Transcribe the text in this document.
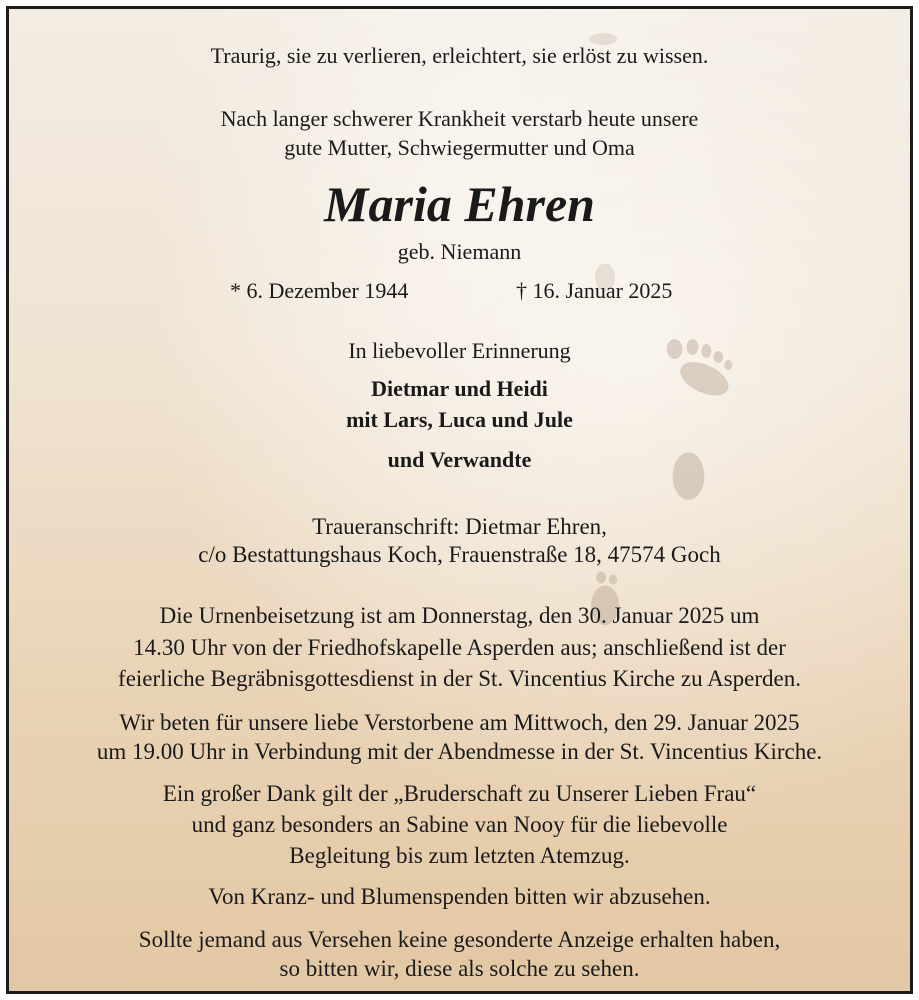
Traurig, sie zu verlieren, erleichtert, sie erlöst zu wissen.
Nach langer schwerer Krankheit verstarb heute unsere
gute Mutter, Schwiegermutter und Oma
Maria Ehren
geb. Niemann
* 6. Dezember 1944	† 16. Januar 2025
In liebevoller Erinnerung
Dietmar und Heidi
mit Lars, Luca und Jule
und Verwandte
Traueranschrift: Dietmar Ehren,
c/o Bestattungshaus Koch, Frauenstraße 18, 47574 Goch
Die Urnenbeisetzung ist am Donnerstag, den 30. Januar 2025 um
14.30 Uhr von der Friedhofskapelle Asperden aus; anschließend ist der
feierliche Begräbnisgottesdienst in der St. Vincentius Kirche zu Asperden.
Wir beten für unsere liebe Verstorbene am Mittwoch, den 29. Januar 2025
um 19.00 Uhr in Verbindung mit der Abendmesse in der St. Vincentius Kirche.
Ein großer Dank gilt der „Bruderschaft zu Unserer Lieben Frau“
und ganz besonders an Sabine van Nooy für die liebevolle
Begleitung bis zum letzten Atemzug.
Von Kranz- und Blumenspenden bitten wir abzusehen.
Sollte jemand aus Versehen keine gesonderte Anzeige erhalten haben,
so bitten wir, diese als solche zu sehen.
